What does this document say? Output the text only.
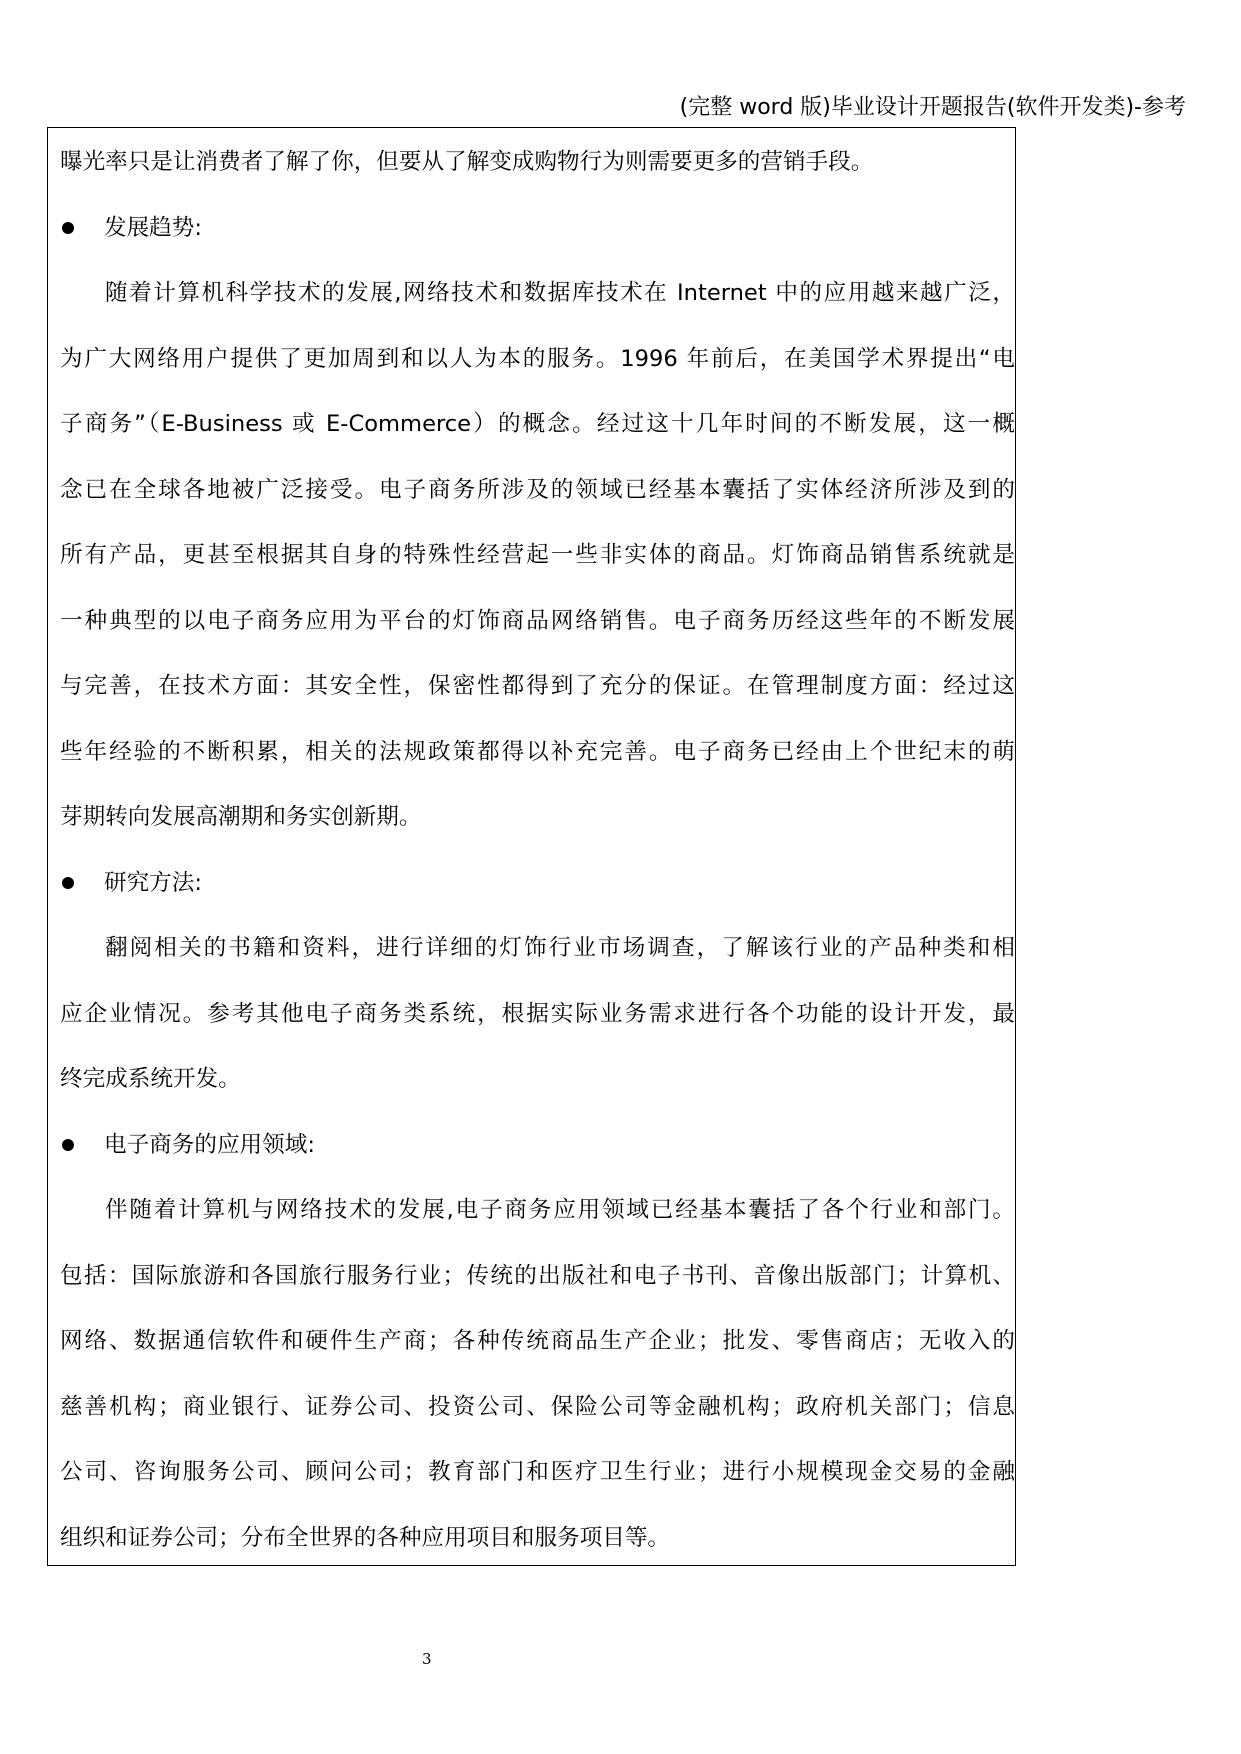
(完整 word 版)毕业设计开题报告(软件开发类)-参考
曝光率只是让消费者了解了你，但要从了解变成购物行为则需要更多的营销手段。
发展趋势:
随着计算机科学技术的发展,网络技术和数据库技术在 Internet 中的应用越来越广泛，
为广大网络用户提供了更加周到和以人为本的服务。1996 年前后，在美国学术界提出“电
子商务”（E-Business 或 E-Commerce）的概念。经过这十几年时间的不断发展，这一概
念已在全球各地被广泛接受。电子商务所涉及的领域已经基本囊括了实体经济所涉及到的
所有产品，更甚至根据其自身的特殊性经营起一些非实体的商品。灯饰商品销售系统就是
一种典型的以电子商务应用为平台的灯饰商品网络销售。电子商务历经这些年的不断发展
与完善，在技术方面：其安全性，保密性都得到了充分的保证。在管理制度方面：经过这
些年经验的不断积累，相关的法规政策都得以补充完善。电子商务已经由上个世纪末的萌
芽期转向发展高潮期和务实创新期。
研究方法:
翻阅相关的书籍和资料，进行详细的灯饰行业市场调查，了解该行业的产品种类和相
应企业情况。参考其他电子商务类系统，根据实际业务需求进行各个功能的设计开发，最
终完成系统开发。
电子商务的应用领域:
伴随着计算机与网络技术的发展,电子商务应用领域已经基本囊括了各个行业和部门。
包括：国际旅游和各国旅行服务行业；传统的出版社和电子书刊、音像出版部门；计算机、
网络、数据通信软件和硬件生产商；各种传统商品生产企业；批发、零售商店；无收入的
慈善机构；商业银行、证券公司、投资公司、保险公司等金融机构；政府机关部门；信息
公司、咨询服务公司、顾问公司；教育部门和医疗卫生行业；进行小规模现金交易的金融
组织和证券公司；分布全世界的各种应用项目和服务项目等。
3
